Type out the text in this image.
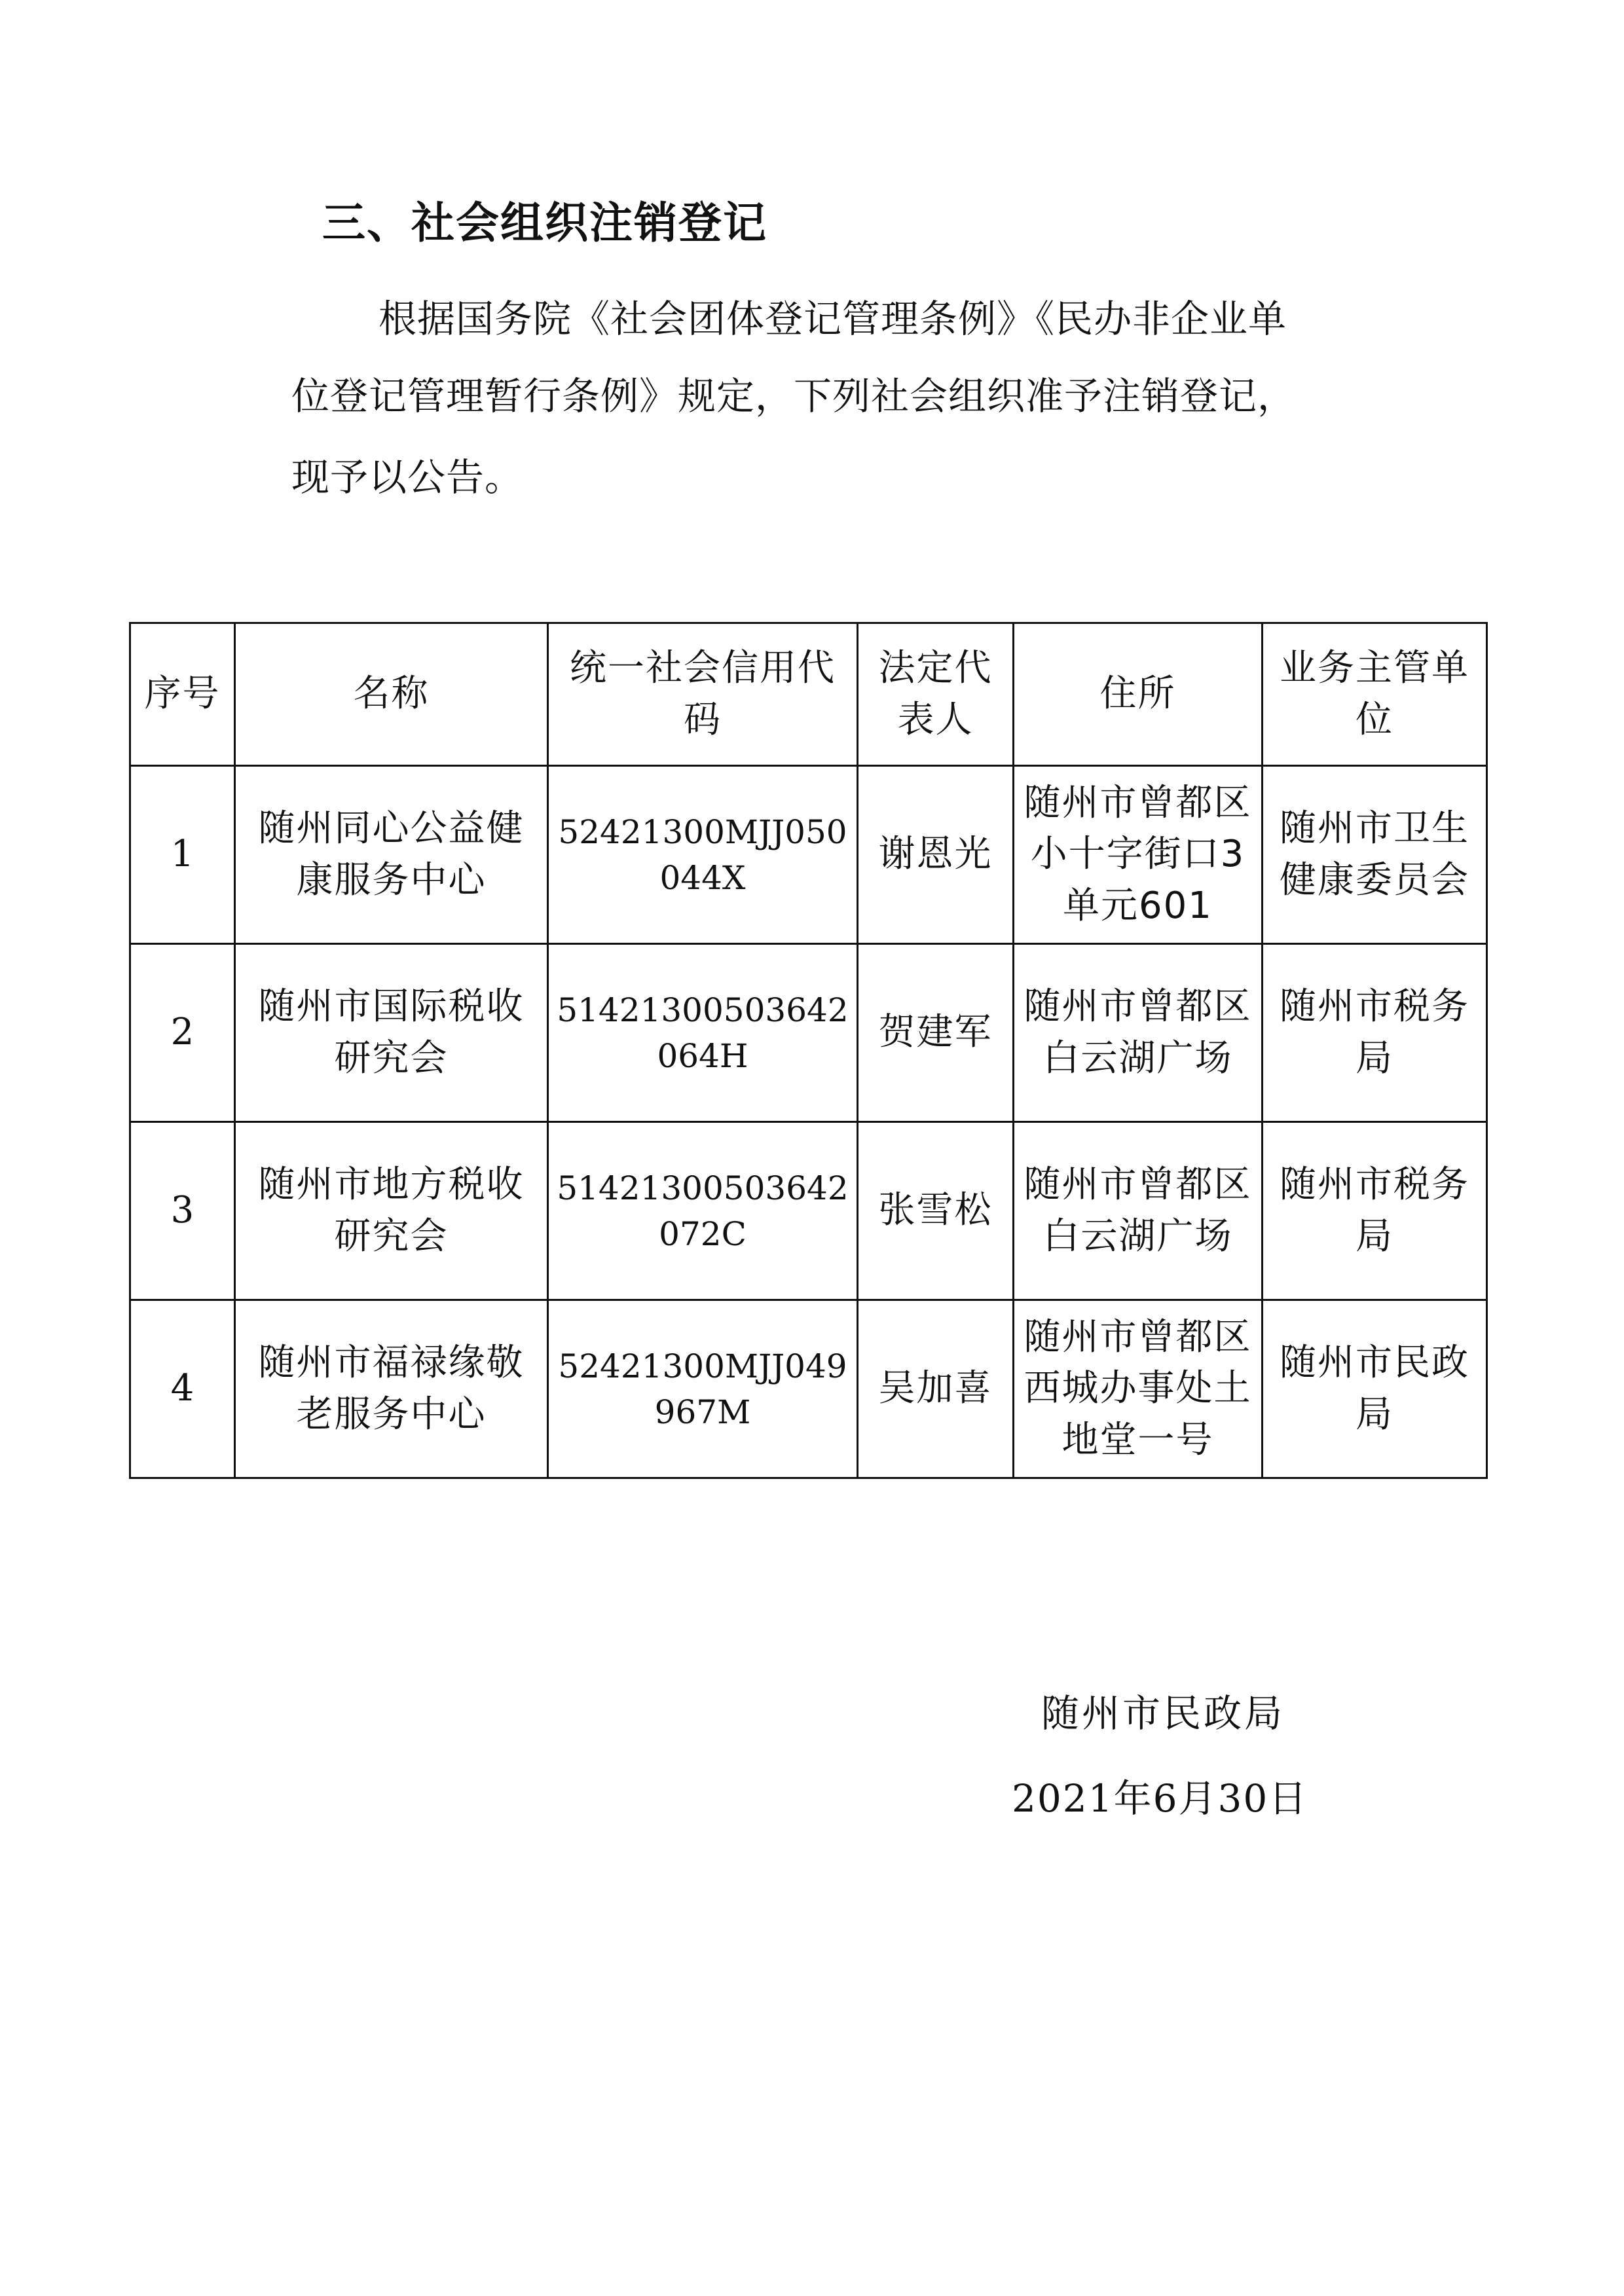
三、社会组织注销登记
根据国务院《社会团体登记管理条例》《民办非企业单
位登记管理暂行条例》规定，下列社会组织准予注销登记，
现予以公告。
序号	名称	统一社会信用代码	法定代表人	住所	业务主管单位
1	随州同心公益健康服务中心	52421300MJJ050044X	谢恩光	随州市曾都区小十字街口3单元601	随州市卫生健康委员会
2	随州市国际税收研究会	51421300503642064H	贺建军	随州市曾都区白云湖广场	随州市税务局
3	随州市地方税收研究会	51421300503642072C	张雪松	随州市曾都区白云湖广场	随州市税务局
4	随州市福禄缘敬老服务中心	52421300MJJ049967M	吴加喜	随州市曾都区西城办事处土地堂一号	随州市民政局
随州市民政局
2021年6月30日
